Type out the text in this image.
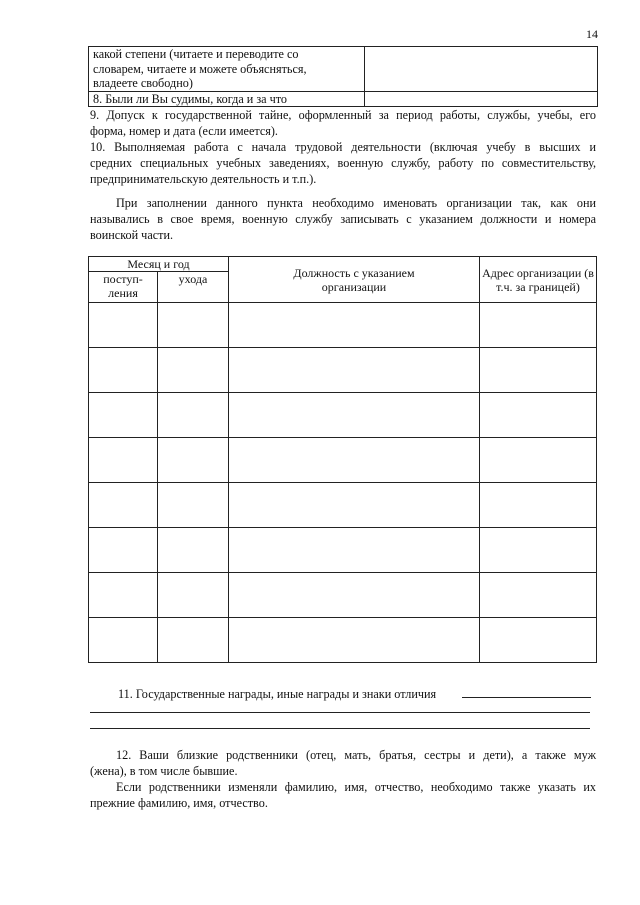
14
какой степени (читаете и переводите со
словарем, читаете и можете объясняться,
владеете свободно)	

8. Были ли Вы судимы, когда и за что	
9. Допуск к государственной тайне, оформленный за период работы, службы, учебы, его
форма, номер и дата (если имеется).
10. Выполняемая работа с начала трудовой деятельности (включая учебу в высших и
средних специальных учебных заведениях, военную службу, работу по совместительству,
предпринимательскую деятельность и т.п.).
При заполнении данного пункта необходимо именовать организации так, как они
назывались в свое время, военную службу записывать с указанием должности и номера
воинской части.
Месяц и год		Должность с указанием организации	Адрес организации (в т.ч. за границей)
поступ-ления	ухода		

11. Государственные награды, иные награды и знаки отличия
12. Ваши близкие родственники (отец, мать, братья, сестры и дети), а также муж
(жена), в том числе бывшие.
Если родственники изменяли фамилию, имя, отчество, необходимо также указать их
прежние фамилию, имя, отчество.
